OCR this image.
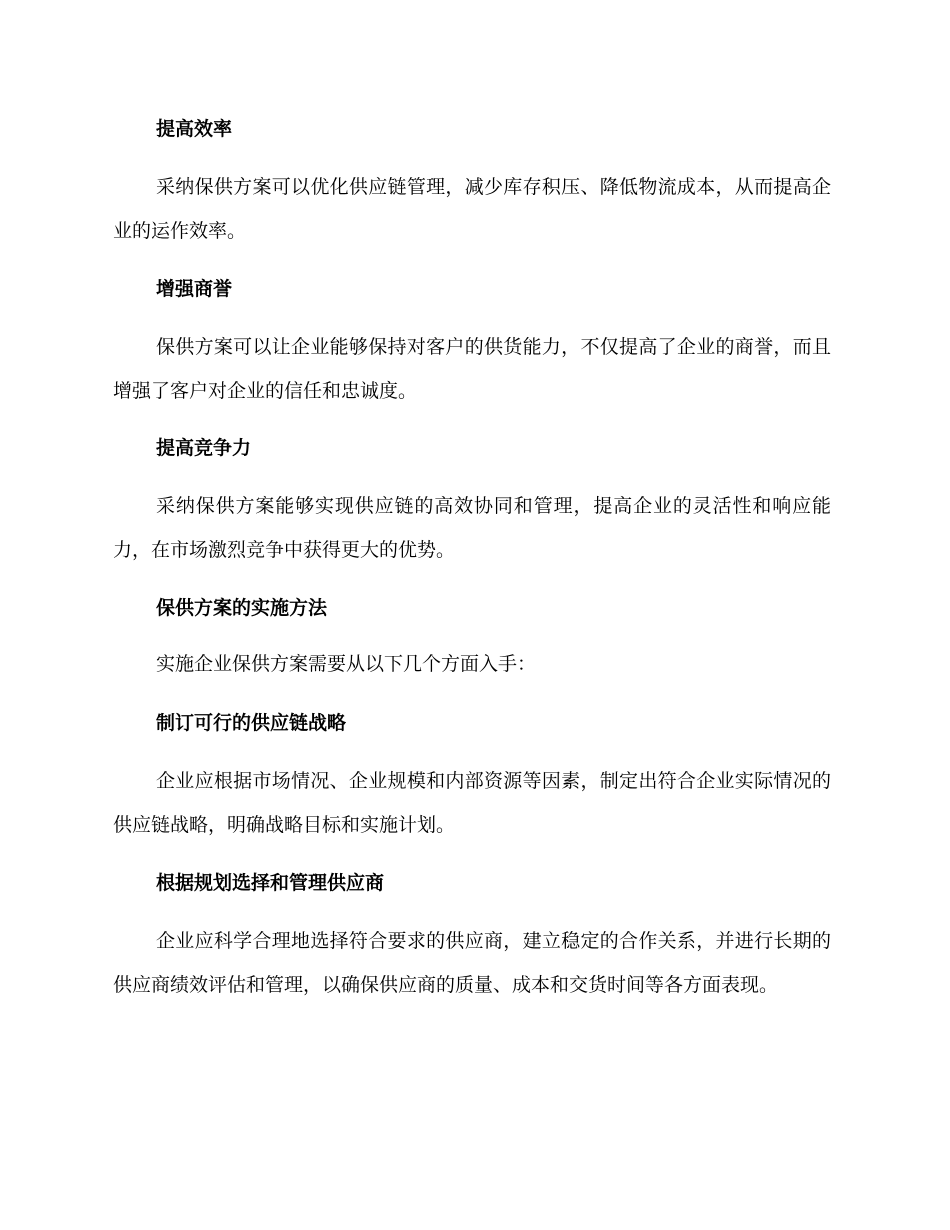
提高效率

采纳保供方案可以优化供应链管理，减少库存积压、降低物流成本，从而提高企业的运作效率。

增强商誉

保供方案可以让企业能够保持对客户的供货能力，不仅提高了企业的商誉，而且增强了客户对企业的信任和忠诚度。

提高竞争力

采纳保供方案能够实现供应链的高效协同和管理，提高企业的灵活性和响应能力，在市场激烈竞争中获得更大的优势。

保供方案的实施方法

实施企业保供方案需要从以下几个方面入手：

制订可行的供应链战略

企业应根据市场情况、企业规模和内部资源等因素，制定出符合企业实际情况的供应链战略，明确战略目标和实施计划。

根据规划选择和管理供应商

企业应科学合理地选择符合要求的供应商，建立稳定的合作关系，并进行长期的供应商绩效评估和管理，以确保供应商的质量、成本和交货时间等各方面表现。
